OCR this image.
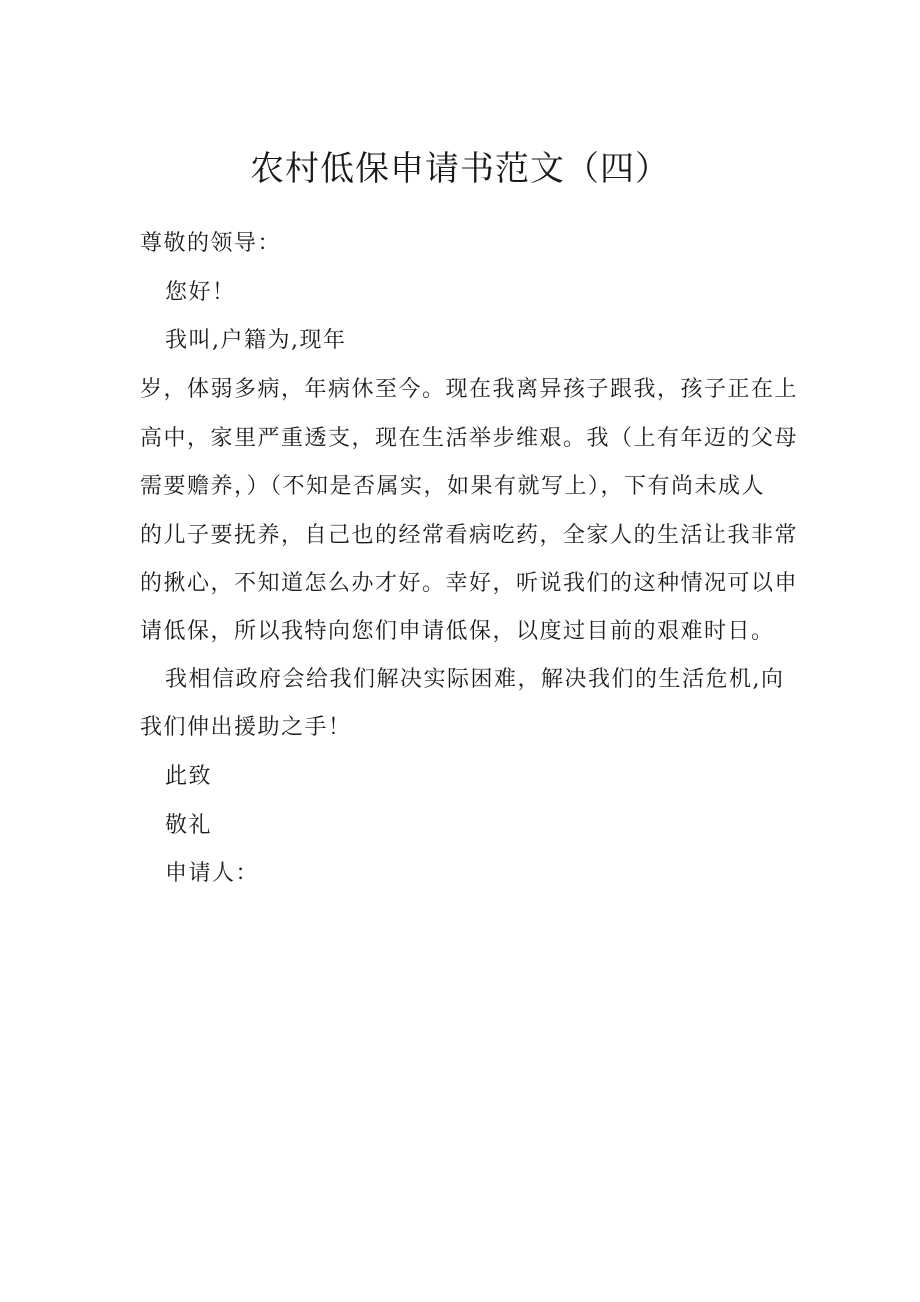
农村低保申请书范文（四）
尊敬的领导：
您好！
我叫,户籍为,现年
岁，体弱多病，年病休至今。现在我离异孩子跟我，孩子正在上
高中，家里严重透支，现在生活举步维艰。我（上有年迈的父母
需要赡养，）（不知是否属实，如果有就写上），下有尚未成人
的儿子要抚养，自己也的经常看病吃药，全家人的生活让我非常
的揪心，不知道怎么办才好。幸好，听说我们的这种情况可以申
请低保，所以我特向您们申请低保，以度过目前的艰难时日。
我相信政府会给我们解决实际困难，解决我们的生活危机,向
我们伸出援助之手！
此致
敬礼
申请人：
